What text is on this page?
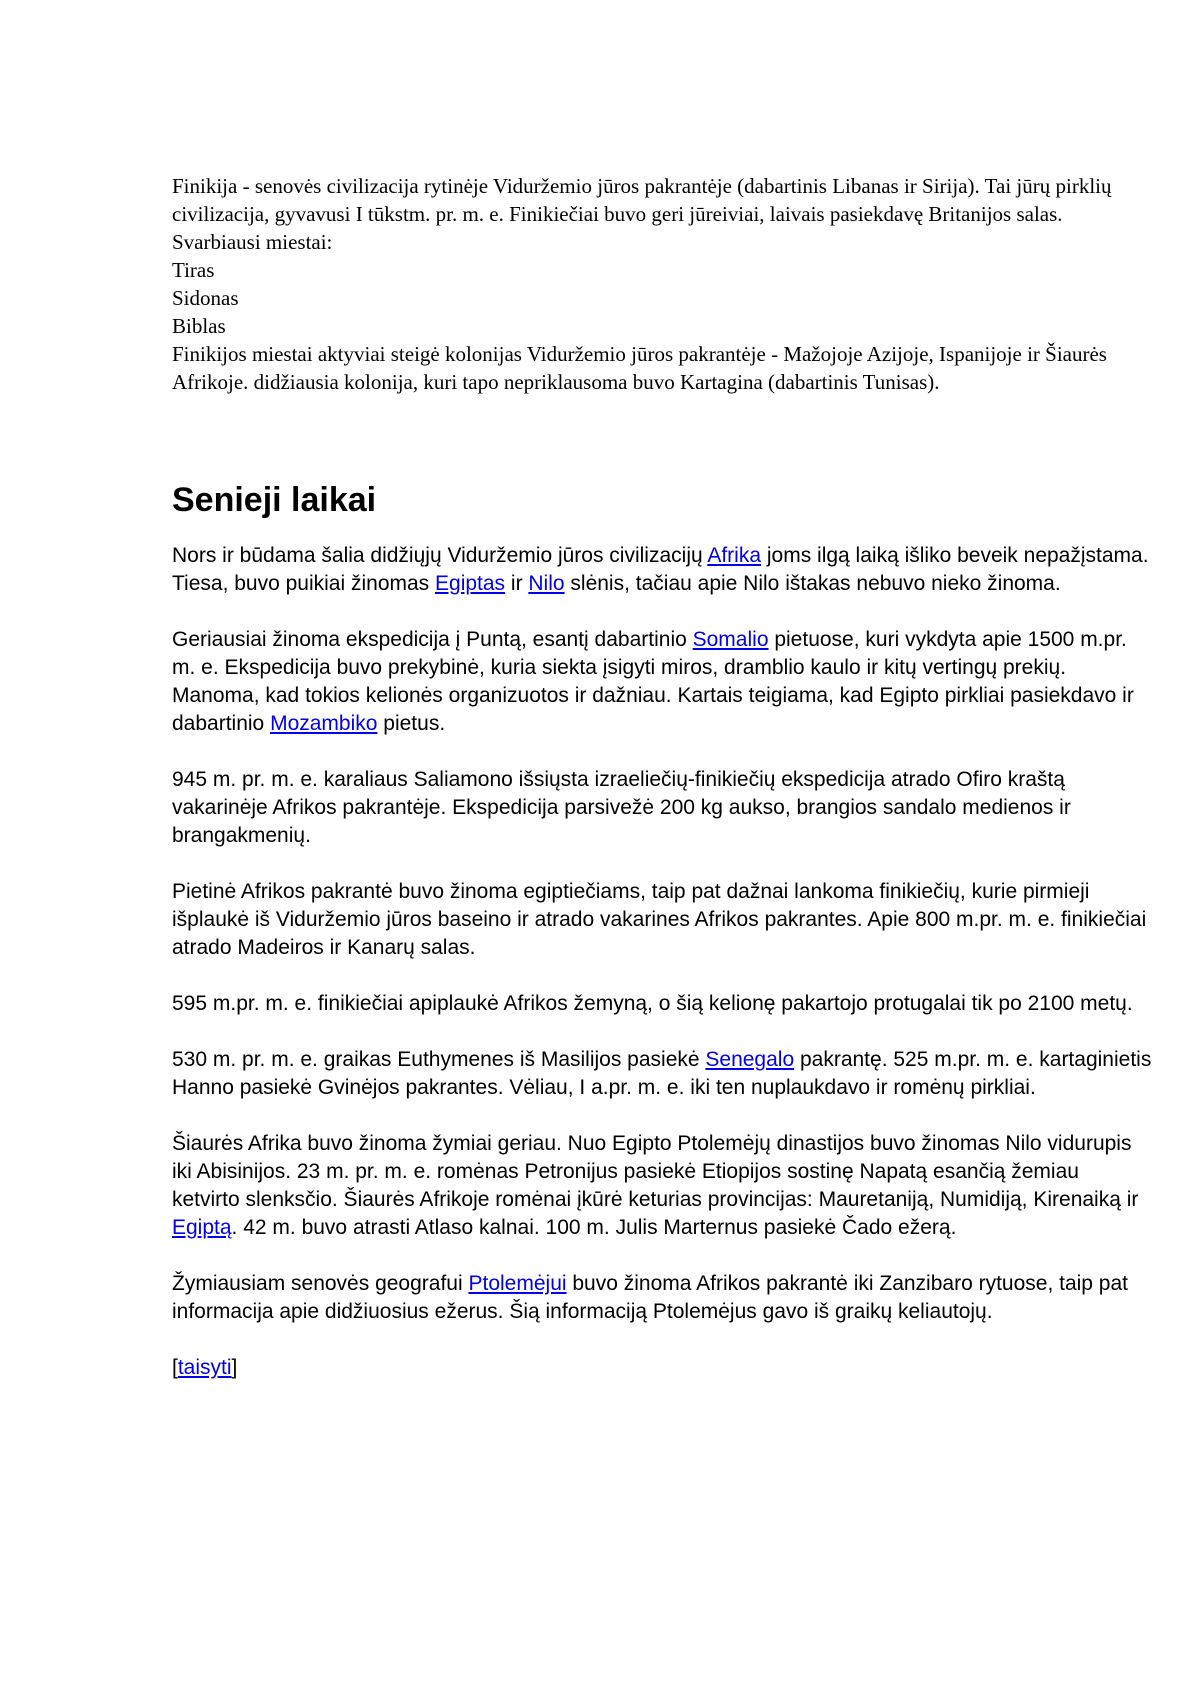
Finikija - senovės civilizacija rytinėje Viduržemio jūros pakrantėje (dabartinis Libanas ir Sirija). Tai jūrų pirklių civilizacija, gyvavusi I tūkstm. pr. m. e. Finikiečiai buvo geri jūreiviai, laivais pasiekdavę Britanijos salas. Svarbiausi miestai:

Tiras
Sidonas
Biblas

Finikijos miestai aktyviai steigė kolonijas Viduržemio jūros pakrantėje - Mažojoje Azijoje, Ispanijoje ir Šiaurės Afrikoje. didžiausia kolonija, kuri tapo nepriklausoma buvo Kartagina (dabartinis Tunisas).

Senieji laikai

Nors ir būdama šalia didžiųjų Viduržemio jūros civilizacijų Afrika joms ilgą laiką išliko beveik nepažįstama. Tiesa, buvo puikiai žinomas Egiptas ir Nilo slėnis, tačiau apie Nilo ištakas nebuvo nieko žinoma.

Geriausiai žinoma ekspedicija į Puntą, esantį dabartinio Somalio pietuose, kuri vykdyta apie 1500 m.pr. m. e. Ekspedicija buvo prekybinė, kuria siekta įsigyti miros, dramblio kaulo ir kitų vertingų prekių. Manoma, kad tokios kelionės organizuotos ir dažniau. Kartais teigiama, kad Egipto pirkliai pasiekdavo ir dabartinio Mozambiko pietus.

945 m. pr. m. e. karaliaus Saliamono išsiųsta izraeliečių-finikiečių ekspedicija atrado Ofiro kraštą vakarinėje Afrikos pakrantėje. Ekspedicija parsivežė 200 kg aukso, brangios sandalo medienos ir brangakmenių.

Pietinė Afrikos pakrantė buvo žinoma egiptiečiams, taip pat dažnai lankoma finikiečių, kurie pirmieji išplaukė iš Viduržemio jūros baseino ir atrado vakarines Afrikos pakrantes. Apie 800 m.pr. m. e. finikiečiai atrado Madeiros ir Kanarų salas.

595 m.pr. m. e. finikiečiai apiplaukė Afrikos žemyną, o šią kelionę pakartojo protugalai tik po 2100 metų.

530 m. pr. m. e. graikas Euthymenes iš Masilijos pasiekė Senegalo pakrantę. 525 m.pr. m. e. kartaginietis Hanno pasiekė Gvinėjos pakrantes. Vėliau, I a.pr. m. e. iki ten nuplaukdavo ir romėnų pirkliai.

Šiaurės Afrika buvo žinoma žymiai geriau. Nuo Egipto Ptolemėjų dinastijos buvo žinomas Nilo vidurupis iki Abisinijos. 23 m. pr. m. e. romėnas Petronijus pasiekė Etiopijos sostinę Napatą esančią žemiau ketvirto slenksčio. Šiaurės Afrikoje romėnai įkūrė keturias provincijas: Mauretaniją, Numidiją, Kirenaiką ir Egiptą. 42 m. buvo atrasti Atlaso kalnai. 100 m. Julis Marternus pasiekė Čado ežerą.

Žymiausiam senovės geografui Ptolemėjui buvo žinoma Afrikos pakrantė iki Zanzibaro rytuose, taip pat informacija apie didžiuosius ežerus. Šią informaciją Ptolemėjus gavo iš graikų keliautojų.

[taisyti]
